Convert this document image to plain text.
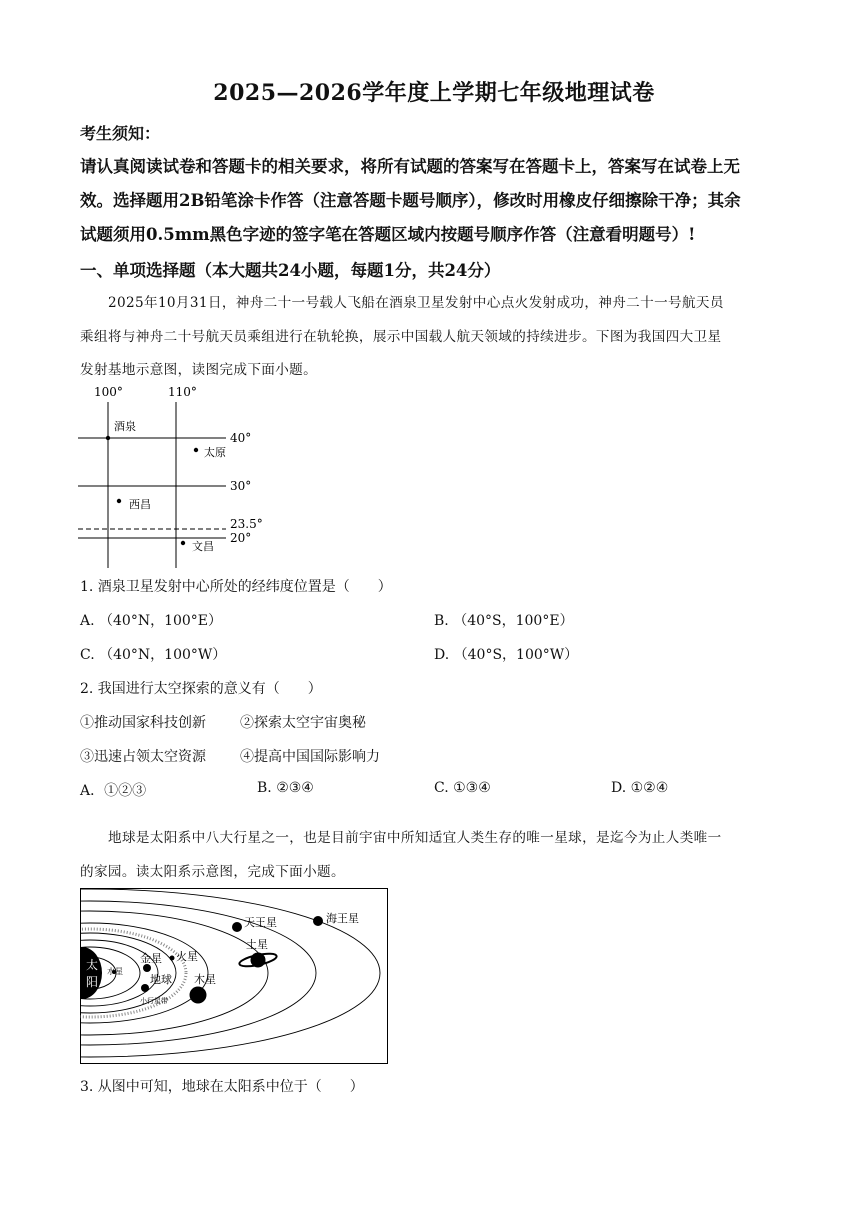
2025—2026学年度上学期七年级地理试卷
考生须知：
请认真阅读试卷和答题卡的相关要求，将所有试题的答案写在答题卡上，答案写在试卷上无
效。选择题用2B铅笔涂卡作答（注意答题卡题号顺序），修改时用橡皮仔细擦除干净；其余
试题须用0.5mm黑色字迹的签字笔在答题区域内按题号顺序作答（注意看明题号）!
一、单项选择题（本大题共24小题，每题1分，共24分）
2025年10月31日，神舟二十一号载人飞船在酒泉卫星发射中心点火发射成功，神舟二十一号航天员
乘组将与神舟二十号航天员乘组进行在轨轮换，展示中国载人航天领域的持续进步。下图为我国四大卫星
发射基地示意图，读图完成下面小题。
100°	110°
40°
30°
23.5°
20°
酒泉
太原
西昌
文昌
1. 酒泉卫星发射中心所处的经纬度位置是（　　）
A. （40°N，100°E）	B. （40°S，100°E）
C. （40°N，100°W）	D. （40°S，100°W）
2. 我国进行太空探索的意义有（　　）
①推动国家科技创新 ②探索太空宇宙奥秘
③迅速占领太空资源 ④提高中国国际影响力
A．①②③	B. ②③④	C. ①③④	D. ①②④
地球是太阳系中八大行星之一，也是目前宇宙中所知适宜人类生存的唯一星球，是迄今为止人类唯一
的家园。读太阳系示意图，完成下面小题。
太
阳
水星
金星 火星
地球
小行星带
木星
土星
天王星	海王星
3. 从图中可知，地球在太阳系中位于（　　）
